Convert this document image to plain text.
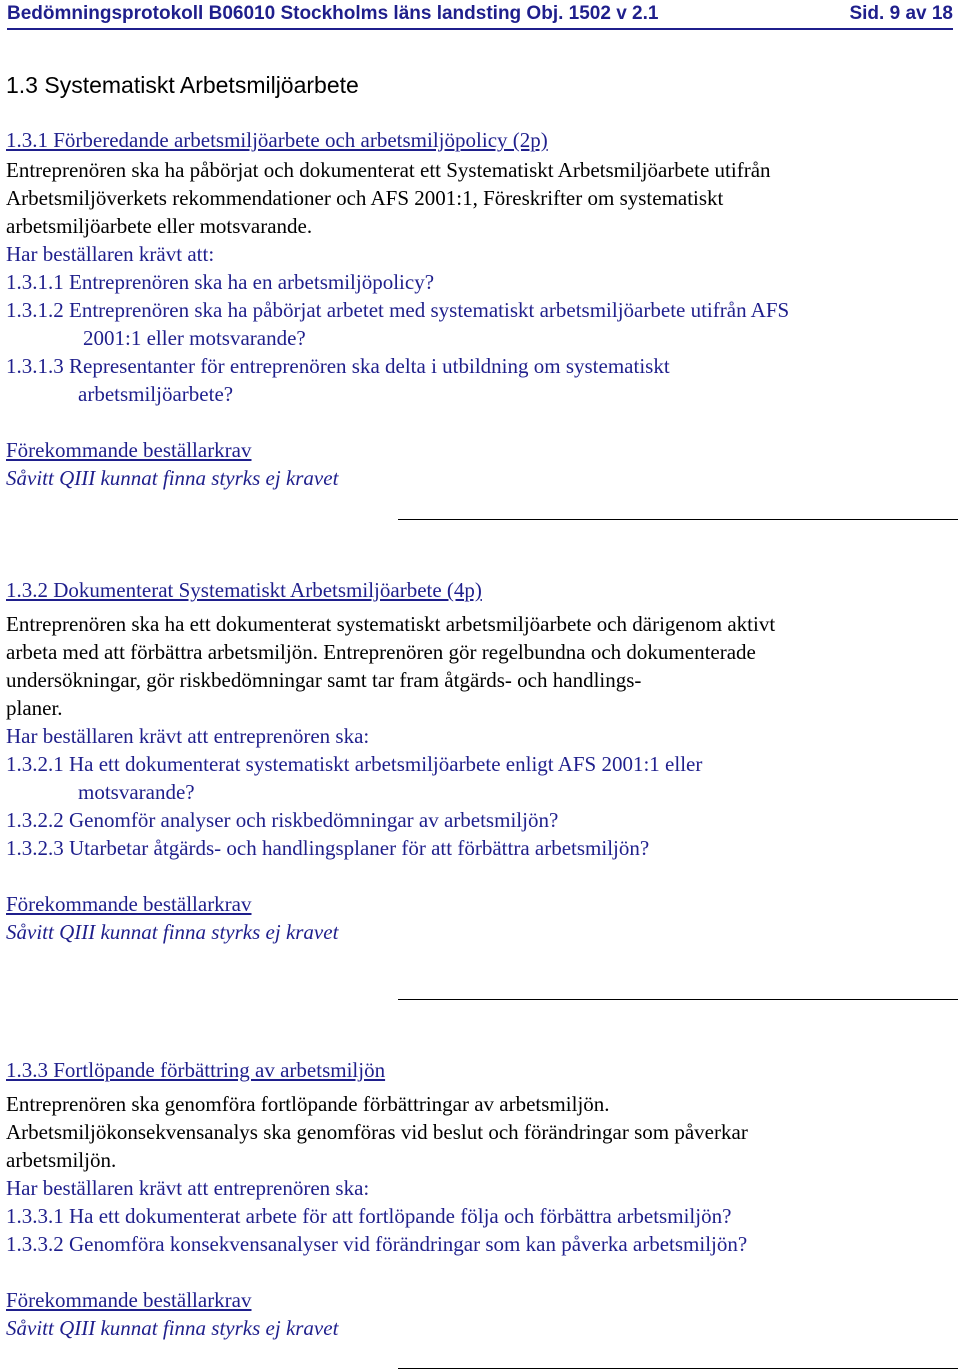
Bedömningsprotokoll B06010 Stockholms läns landsting Obj. 1502 v 2.1	Sid. 9 av 18
1.3 Systematiskt Arbetsmiljöarbete
1.3.1 Förberedande arbetsmiljöarbete och arbetsmiljöpolicy (2p)
Entreprenören ska ha påbörjat och dokumenterat ett Systematiskt Arbetsmiljöarbete utifrån
Arbetsmiljöverkets rekommendationer och AFS 2001:1, Föreskrifter om systematiskt
arbetsmiljöarbete eller motsvarande.
Har beställaren krävt att:
1.3.1.1 Entreprenören ska ha en arbetsmiljöpolicy?
1.3.1.2 Entreprenören ska ha påbörjat arbetet med systematiskt arbetsmiljöarbete utifrån AFS
2001:1 eller motsvarande?
1.3.1.3 Representanter för entreprenören ska delta i utbildning om systematiskt
arbetsmiljöarbete?
Förekommande beställarkrav
Såvitt QIII kunnat finna styrks ej kravet
1.3.2 Dokumenterat Systematiskt Arbetsmiljöarbete (4p)
Entreprenören ska ha ett dokumenterat systematiskt arbetsmiljöarbete och därigenom aktivt
arbeta med att förbättra arbetsmiljön. Entreprenören gör regelbundna och dokumenterade
undersökningar, gör riskbedömningar samt tar fram åtgärds- och handlings-
planer.
Har beställaren krävt att entreprenören ska:
1.3.2.1 Ha ett dokumenterat systematiskt arbetsmiljöarbete enligt AFS 2001:1 eller
motsvarande?
1.3.2.2 Genomför analyser och riskbedömningar av arbetsmiljön?
1.3.2.3 Utarbetar åtgärds- och handlingsplaner för att förbättra arbetsmiljön?
Förekommande beställarkrav
Såvitt QIII kunnat finna styrks ej kravet
1.3.3 Fortlöpande förbättring av arbetsmiljön
Entreprenören ska genomföra fortlöpande förbättringar av arbetsmiljön.
Arbetsmiljökonsekvensanalys ska genomföras vid beslut och förändringar som påverkar
arbetsmiljön.
Har beställaren krävt att entreprenören ska:
1.3.3.1 Ha ett dokumenterat arbete för att fortlöpande följa och förbättra arbetsmiljön?
1.3.3.2 Genomföra konsekvensanalyser vid förändringar som kan påverka arbetsmiljön?
Förekommande beställarkrav
Såvitt QIII kunnat finna styrks ej kravet
